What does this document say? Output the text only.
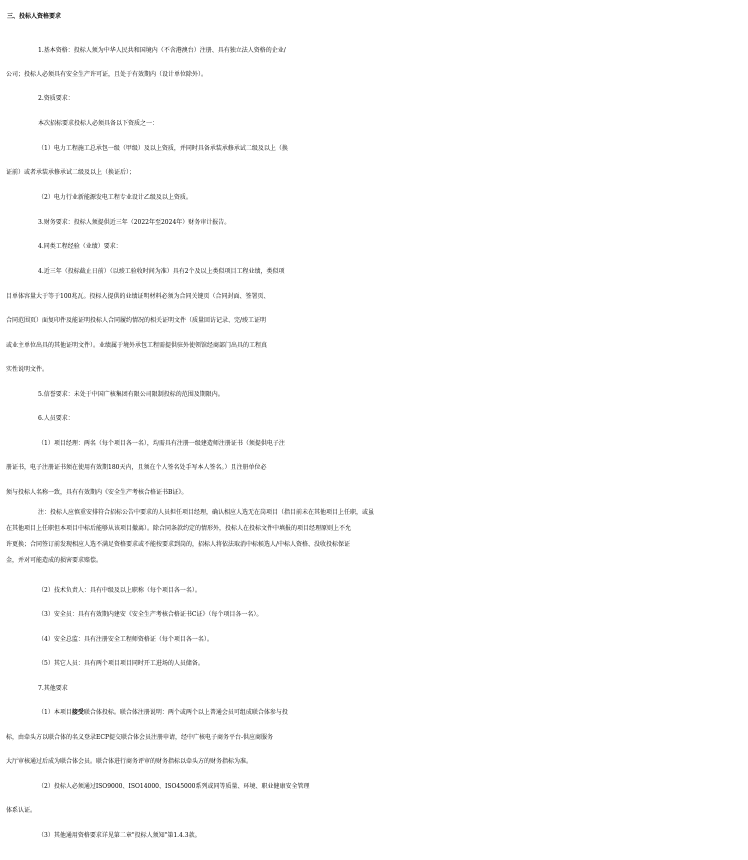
三、投标人资格要求
1.基本资格：投标人须为中华人民共和国境内（不含港澳台）注册、具有独立法人资格的企业/
公司；投标人必须具有安全生产许可证，且处于有效期内（设计单位除外）。
2.资质要求：
本次招标要求投标人必须具备以下资质之一：
（1）电力工程施工总承包一级（甲级）及以上资质，并同时具备承装承修承试二级及以上（换
证前）或者承装承修承试二级及以上（换证后）；
（2）电力行业新能源发电工程专业设计乙级及以上资质。
3.财务要求：投标人须提供近三年（2022年至2024年）财务审计报告。
4.同类工程经验（业绩）要求：
4.近三年（投标截止日前）（以竣工验收时间为准）具有2个及以上类似项目工程业绩，类似项
目单体容量大于等于100兆瓦。投标人提供的业绩证明材料必须为合同关键页（合同封面、签署页、
合同范围页）面复印件及能证明投标人合同履约情况的相关证明文件（质量回访记录、完/竣工证明
或业主单位出具的其他证明文件）。业绩属于境外承包工程需提供驻外使领馆经商部门出具的工程真
实性说明文件。
5.信誉要求：未处于中国广核集团有限公司限制投标的范围及期限内。
6.人员要求：
（1）项目经理：两名（每个项目各一名），均需具有注册一级建造师注册证书（须提供电子注
册证书，电子注册证书须在使用有效期180天内，且须在个人签名处手写本人签名。）且注册单位必
须与投标人名称一致，具有有效期内《安全生产考核合格证书B证》。
注：投标人应慎重安排符合招标公告中要求的人员担任项目经理，确认相应人选无在岗项目（指目前未在其他项目上任职，或虽
在其他项目上任职但本项目中标后能够从该项目撤离）。除合同条款约定的情形外，投标人在投标文件中填报的项目经理原则上不允
许更换；合同签订前发现相应人选不满足资格要求或不能按要求到岗的，招标人将依法取消中标候选人/中标人资格、没收投标保证
金，并对可能造成的损害要求赔偿。
（2）技术负责人：具有中级及以上职称（每个项目各一名）。
（3）安全员：具有有效期内建安《安全生产考核合格证书C证》（每个项目各一名）。
（4）安全总监：具有注册安全工程师资格证（每个项目各一名）。
（5）其它人员：具有两个项目项目同时开工进场的人员储备。
7.其他要求
（1）本项目接受联合体投标。联合体注册说明：两个或两个以上普通会员可组成联合体参与投
标，由牵头方以联合体的名义登录ECP提交联合体会员注册申请，经中广核电子商务平台-供应商服务
大厅审核通过后成为联合体会员。联合体进行商务评审的财务指标以牵头方的财务指标为准。
（2）投标人必须通过ISO9000、ISO14000、ISO45000系列或同等质量、环境、职业健康安全管理
体系认证。
（3）其他通用资格要求详见第二章"投标人须知"第1.4.3款。
